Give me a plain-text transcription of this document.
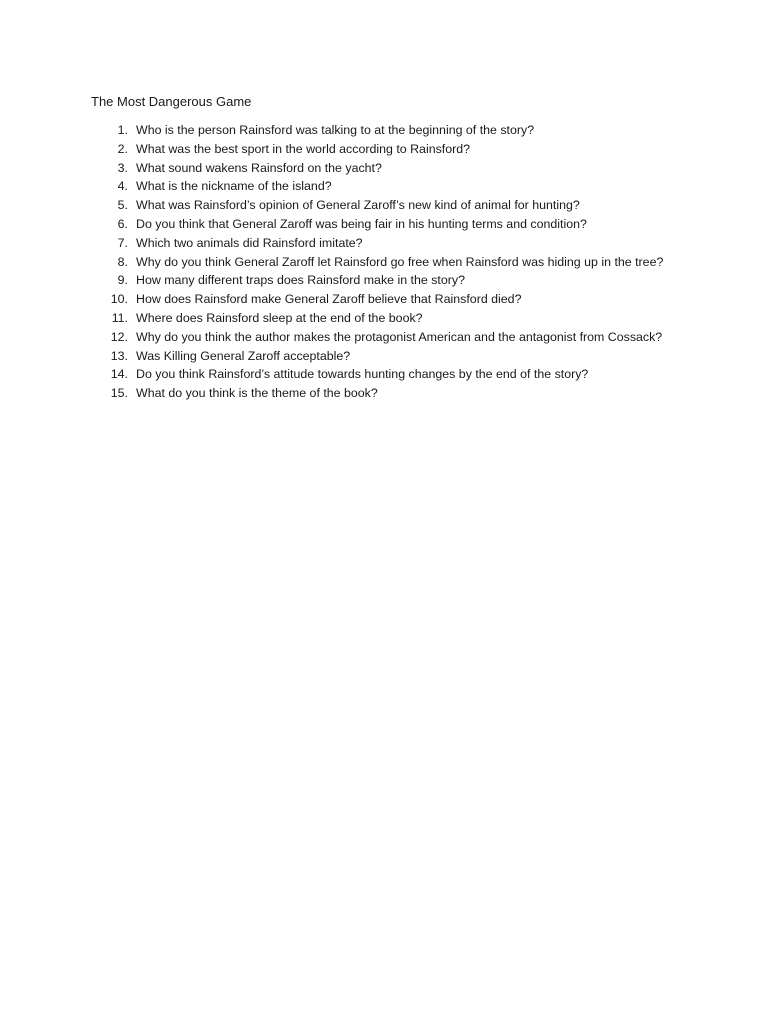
The Most Dangerous Game
1. Who is the person Rainsford was talking to at the beginning of the story?
2. What was the best sport in the world according to Rainsford?
3. What sound wakens Rainsford on the yacht?
4. What is the nickname of the island?
5. What was Rainsford’s opinion of General Zaroff’s new kind of animal for hunting?
6. Do you think that General Zaroff was being fair in his hunting terms and condition?
7. Which two animals did Rainsford imitate?
8. Why do you think General Zaroff let Rainsford go free when Rainsford was hiding up in the tree?
9. How many different traps does Rainsford make in the story?
10. How does Rainsford make General Zaroff believe that Rainsford died?
11. Where does Rainsford sleep at the end of the book?
12. Why do you think the author makes the protagonist American and the antagonist from Cossack?
13. Was Killing General Zaroff acceptable?
14. Do you think Rainsford’s attitude towards hunting changes by the end of the story?
15. What do you think is the theme of the book?
